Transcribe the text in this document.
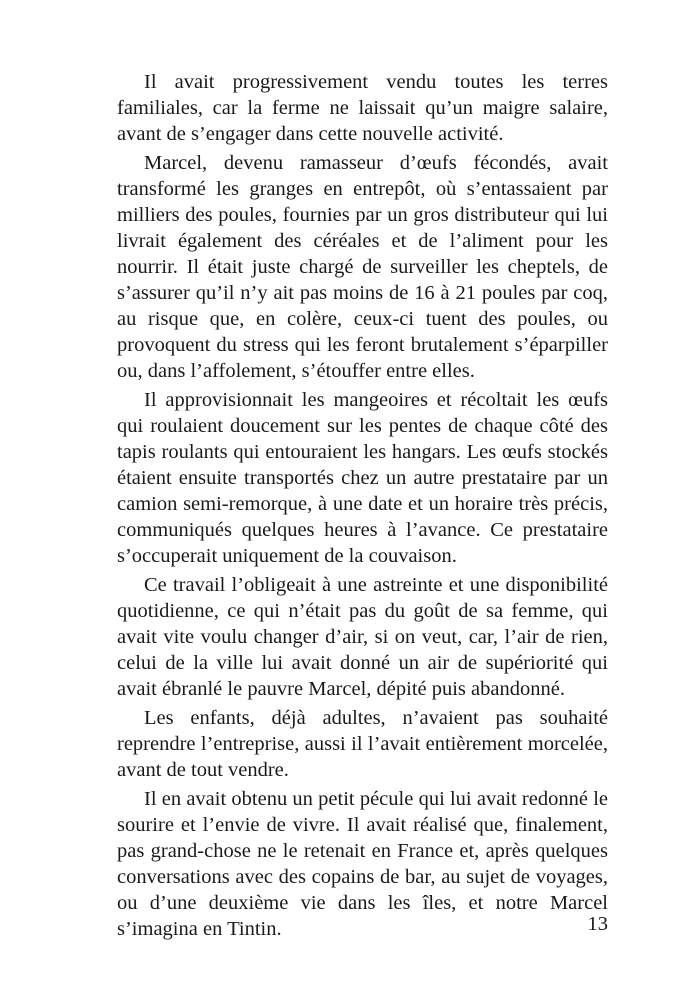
Il avait progressivement vendu toutes les terres familiales, car la ferme ne laissait qu’un maigre salaire, avant de s’engager dans cette nouvelle activité.

Marcel, devenu ramasseur d’œufs fécondés, avait transformé les granges en entrepôt, où s’entassaient par milliers des poules, fournies par un gros distributeur qui lui livrait également des céréales et de l’aliment pour les nourrir. Il était juste chargé de surveiller les cheptels, de s’assurer qu’il n’y ait pas moins de 16 à 21 poules par coq, au risque que, en colère, ceux-ci tuent des poules, ou provoquent du stress qui les feront brutalement s’éparpiller ou, dans l’affolement, s’étouffer entre elles.

Il approvisionnait les mangeoires et récoltait les œufs qui roulaient doucement sur les pentes de chaque côté des tapis roulants qui entouraient les hangars. Les œufs stockés étaient ensuite transportés chez un autre prestataire par un camion semi-remorque, à une date et un horaire très précis, communiqués quelques heures à l’avance. Ce prestataire s’occuperait uniquement de la couvaison.

Ce travail l’obligeait à une astreinte et une disponibilité quotidienne, ce qui n’était pas du goût de sa femme, qui avait vite voulu changer d’air, si on veut, car, l’air de rien, celui de la ville lui avait donné un air de supériorité qui avait ébranlé le pauvre Marcel, dépité puis abandonné.

Les enfants, déjà adultes, n’avaient pas souhaité reprendre l’entreprise, aussi il l’avait entièrement morcelée, avant de tout vendre.

Il en avait obtenu un petit pécule qui lui avait redonné le sourire et l’envie de vivre. Il avait réalisé que, finalement, pas grand-chose ne le retenait en France et, après quelques conversations avec des copains de bar, au sujet de voyages, ou d’une deuxième vie dans les îles, et notre Marcel s’imagina en Tintin.	13
